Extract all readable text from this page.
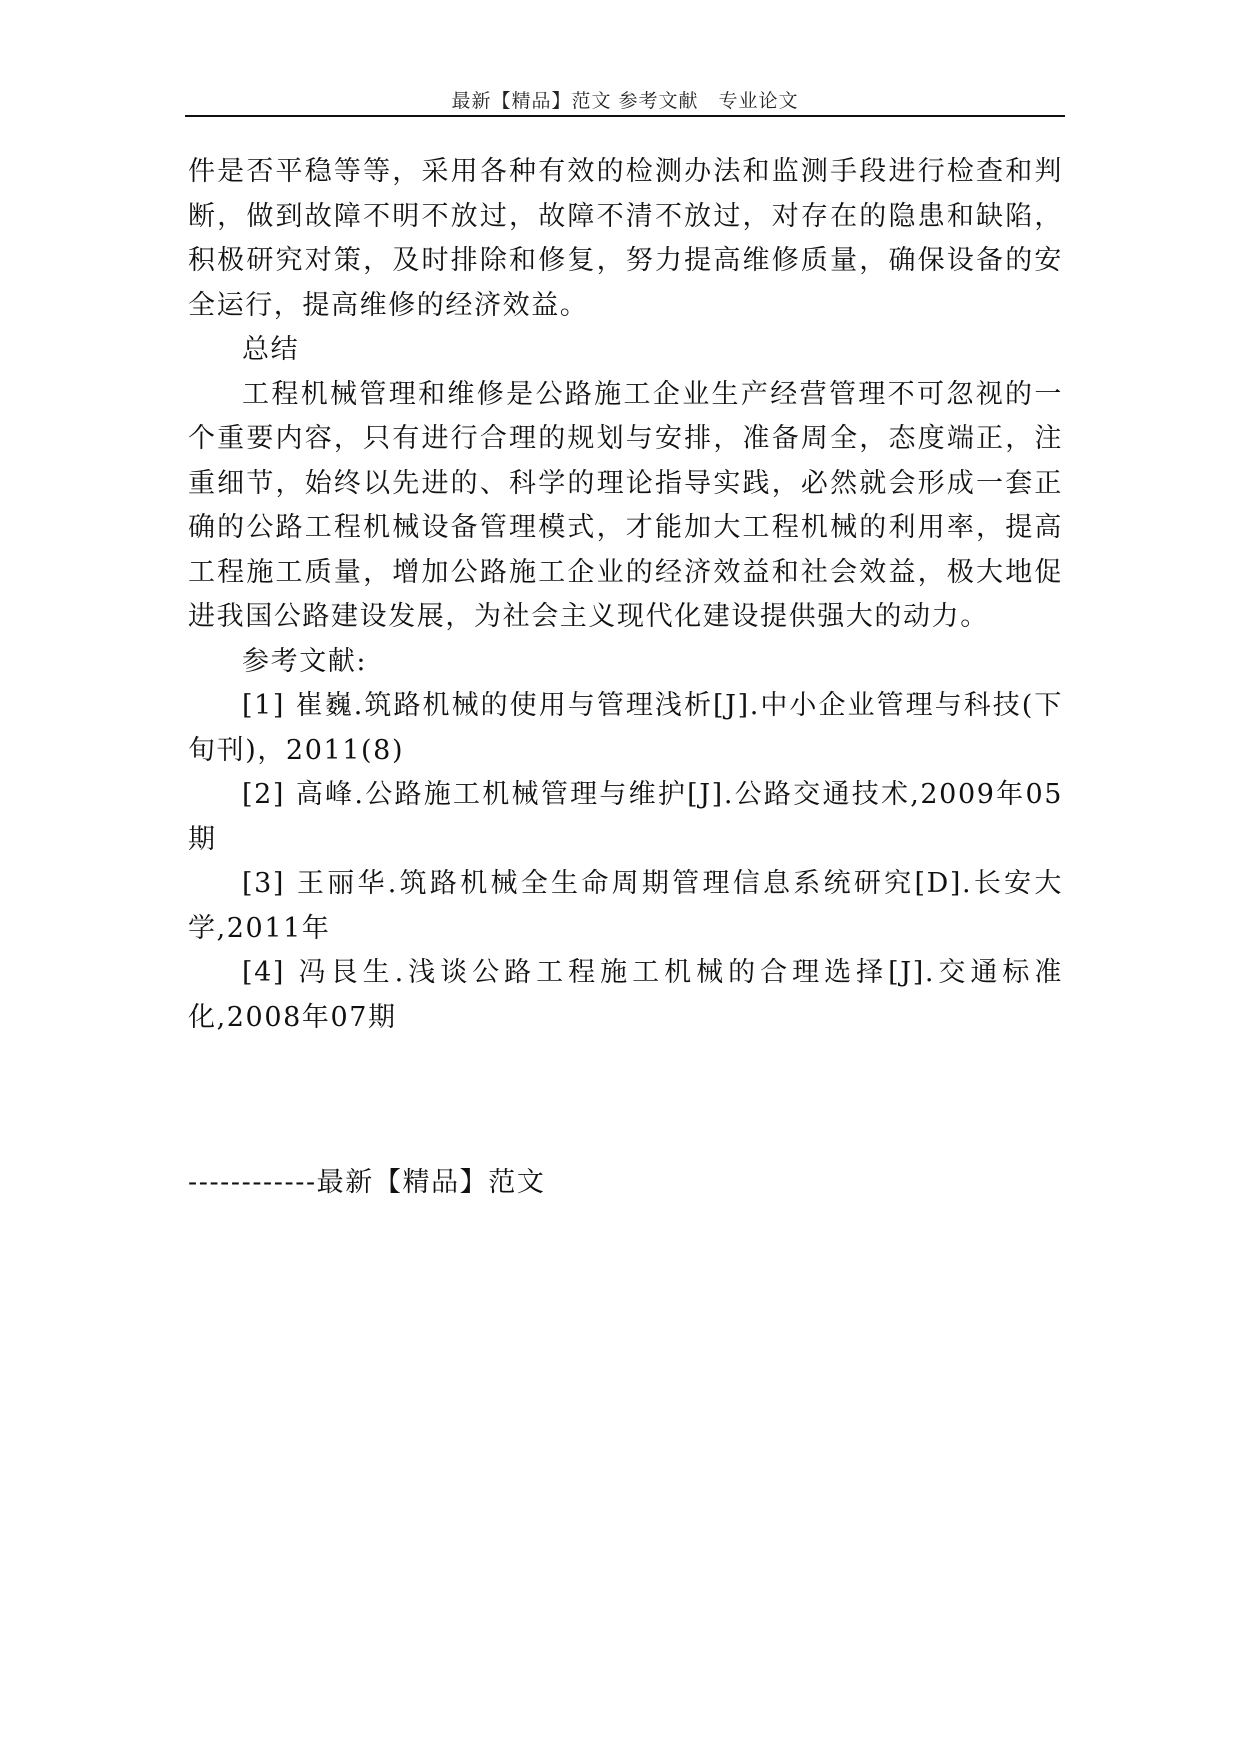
最新【精品】范文 参考文献　专业论文

件是否平稳等等，采用各种有效的检测办法和监测手段进行检查和判断，做到故障不明不放过，故障不清不放过，对存在的隐患和缺陷，积极研究对策，及时排除和修复，努力提高维修质量，确保设备的安全运行，提高维修的经济效益。

总结

工程机械管理和维修是公路施工企业生产经营管理不可忽视的一个重要内容，只有进行合理的规划与安排，准备周全，态度端正，注重细节，始终以先进的、科学的理论指导实践，必然就会形成一套正确的公路工程机械设备管理模式，才能加大工程机械的利用率，提高工程施工质量，增加公路施工企业的经济效益和社会效益，极大地促进我国公路建设发展，为社会主义现代化建设提供强大的动力。

参考文献:

[1] 崔巍.筑路机械的使用与管理浅析[J].中小企业管理与科技(下旬刊)，2011(8)

[2] 高峰.公路施工机械管理与维护[J].公路交通技术,2009年05期

[3] 王丽华.筑路机械全生命周期管理信息系统研究[D].长安大学,2011年

[4] 冯艮生.浅谈公路工程施工机械的合理选择[J].交通标准化,2008年07期

------------最新【精品】范文
